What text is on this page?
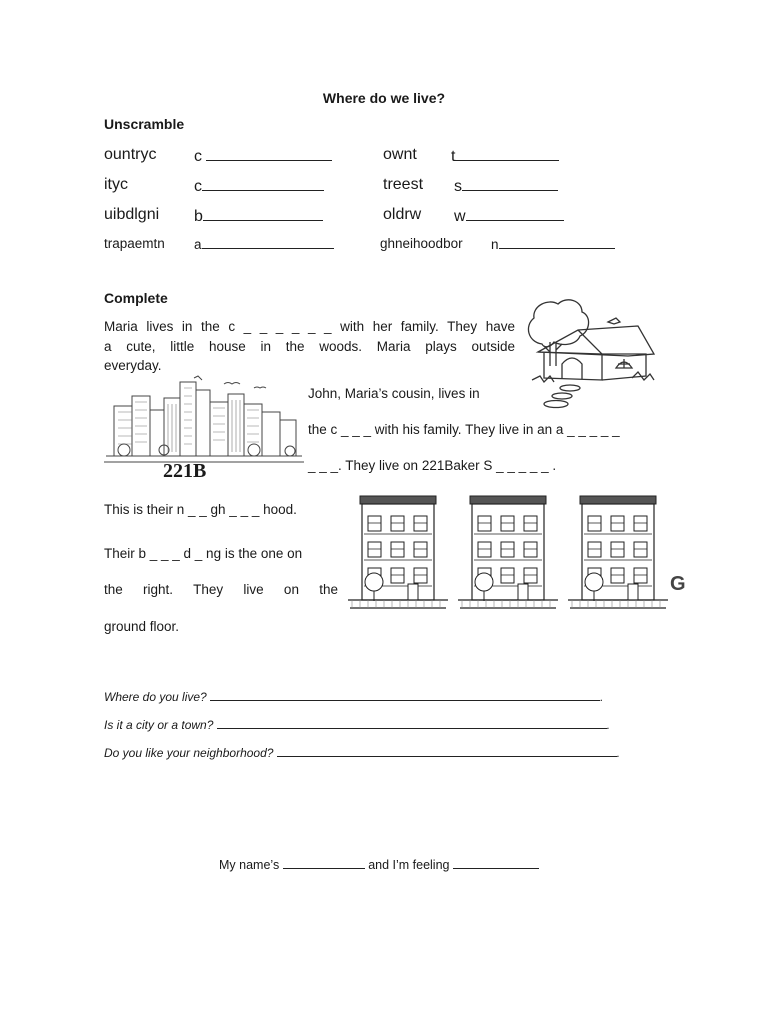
Where do we live?
Unscramble
ountryc c	ownt t
ityc	c	treest s
uibdlgni b	oldrw w
trapaemtn a	ghneihoodbor n
Complete
Maria lives in the c _ _ _ _ _ _ with her family. They have
a cute, little house in the woods. Maria plays outside
everyday.
John, Maria’s cousin, lives in
the c _ _ _ with his family. They live in an a _ _ _ _ _
_ _ _. They live on 221Baker S _ _ _ _ _ .
This is their n _ _ gh _ _ _ hood.
Their b _ _ _ d _ ng is the one on
the right. They live on the
ground floor.
221B
G
Where do you live?	.
Is it a city or a town?	.
Do you like your neighborhood?	.
My name’s	and I’m feeling
